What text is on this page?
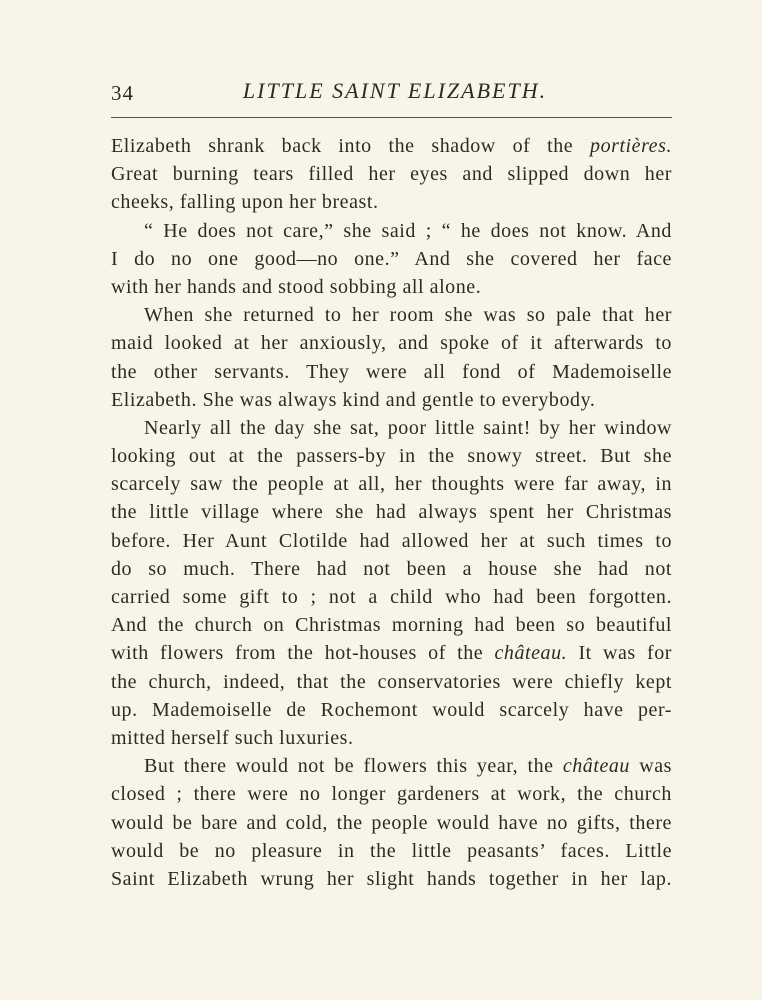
34	LITTLE SAINT ELIZABETH.
Elizabeth shrank back into the shadow of the portières.
Great burning tears filled her eyes and slipped down her
cheeks, falling upon her breast.
“ He does not care,” she said ; “ he does not know. And
I do no one good—no one.” And she covered her face
with her hands and stood sobbing all alone.
When she returned to her room she was so pale that her
maid looked at her anxiously, and spoke of it afterwards to
the other servants. They were all fond of Mademoiselle
Elizabeth. She was always kind and gentle to everybody.
Nearly all the day she sat, poor little saint! by her window
looking out at the passers-by in the snowy street. But she
scarcely saw the people at all, her thoughts were far away, in
the little village where she had always spent her Christmas
before. Her Aunt Clotilde had allowed her at such times to
do so much. There had not been a house she had not
carried some gift to ; not a child who had been forgotten.
And the church on Christmas morning had been so beautiful
with flowers from the hot-houses of the château. It was for
the church, indeed, that the conservatories were chiefly kept
up. Mademoiselle de Rochemont would scarcely have per-
mitted herself such luxuries.
But there would not be flowers this year, the château was
closed ; there were no longer gardeners at work, the church
would be bare and cold, the people would have no gifts, there
would be no pleasure in the little peasants’ faces. Little
Saint Elizabeth wrung her slight hands together in her lap.
